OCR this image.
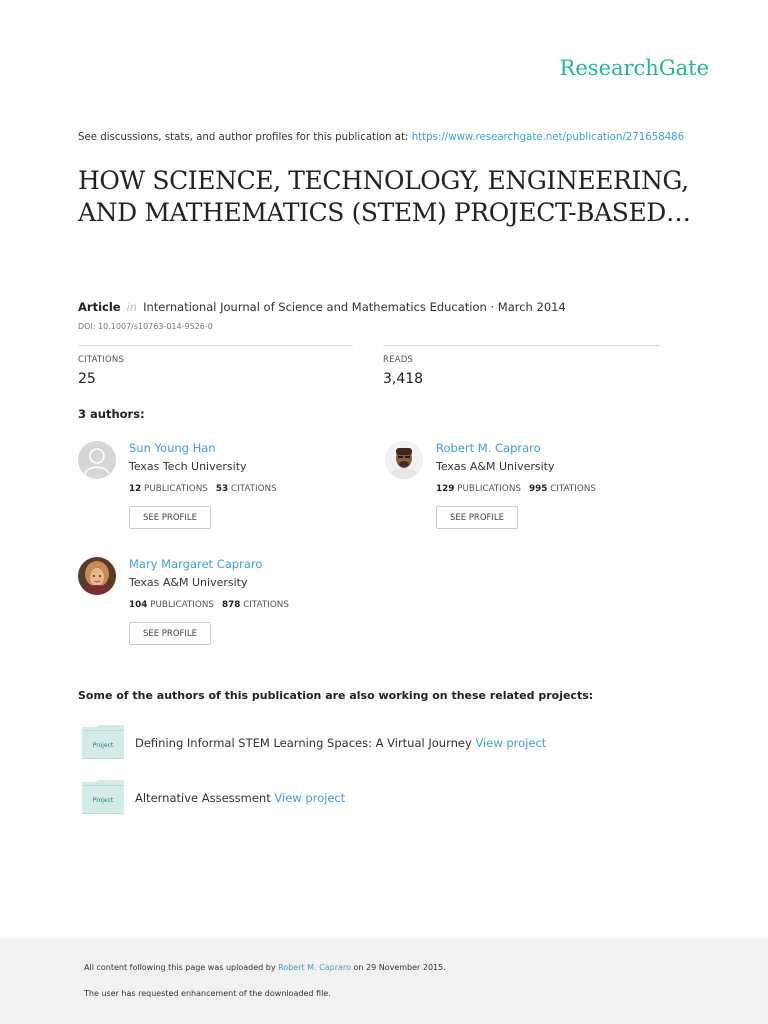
ResearchGate
See discussions, stats, and author profiles for this publication at: https://www.researchgate.net/publication/271658486
HOW SCIENCE, TECHNOLOGY, ENGINEERING, AND MATHEMATICS (STEM) PROJECT-BASED…
Article in International Journal of Science and Mathematics Education · March 2014
DOI: 10.1007/s10763-014-9526-0
CITATIONS
25
READS
3,418
3 authors:
Sun Young Han
Texas Tech University
12 PUBLICATIONS 53 CITATIONS
SEE PROFILE
Robert M. Capraro
Texas A&M University
129 PUBLICATIONS 995 CITATIONS
SEE PROFILE
Mary Margaret Capraro
Texas A&M University
104 PUBLICATIONS 878 CITATIONS
SEE PROFILE
Some of the authors of this publication are also working on these related projects:
Project Defining Informal STEM Learning Spaces: A Virtual Journey View project
Project Alternative Assessment View project
All content following this page was uploaded by Robert M. Capraro on 29 November 2015.
The user has requested enhancement of the downloaded file.
